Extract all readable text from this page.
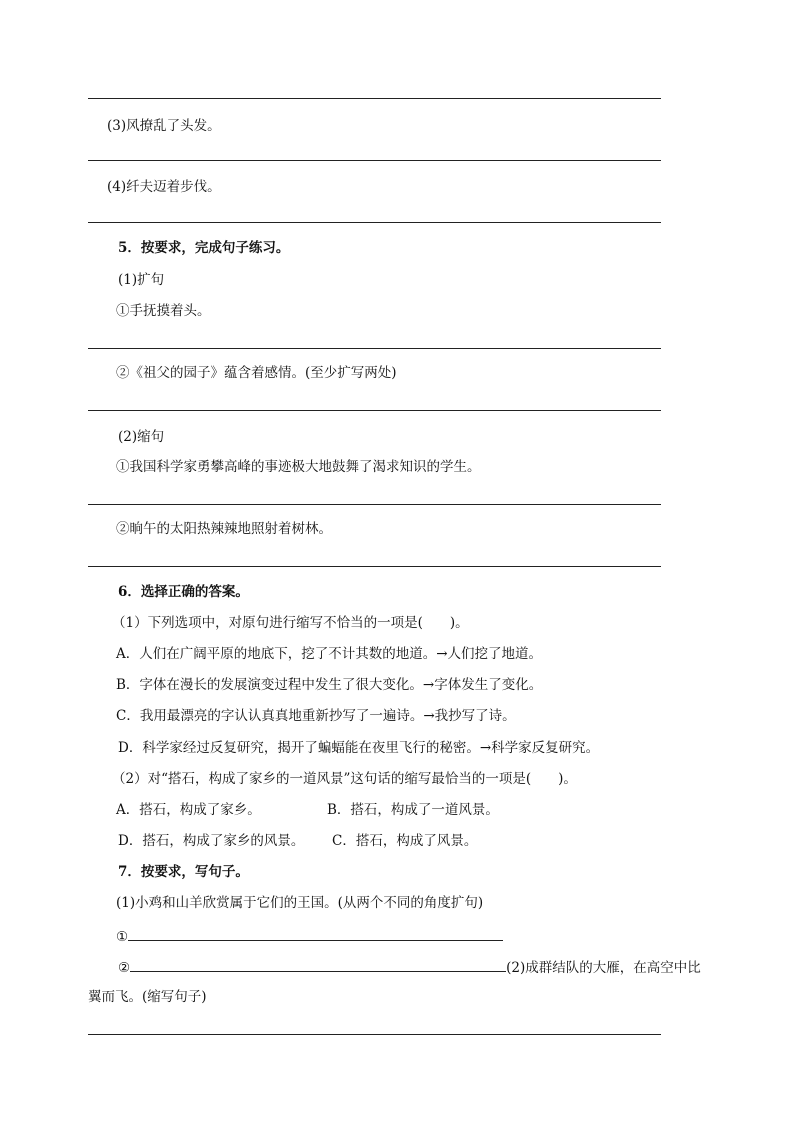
(3)风撩乱了头发。
(4)纤夫迈着步伐。
5．按要求，完成句子练习。
(1)扩句
①手抚摸着头。
②《祖父的园子》蕴含着感情。(至少扩写两处)
(2)缩句
①我国科学家勇攀高峰的事迹极大地鼓舞了渴求知识的学生。
②晌午的太阳热辣辣地照射着树林。
6．选择正确的答案。
（1）下列选项中，对原句进行缩写不恰当的一项是(　　)。
A．人们在广阔平原的地底下，挖了不计其数的地道。→人们挖了地道。
B．字体在漫长的发展演变过程中发生了很大变化。→字体发生了变化。
C．我用最漂亮的字认认真真地重新抄写了一遍诗。→我抄写了诗。
D．科学家经过反复研究，揭开了蝙蝠能在夜里飞行的秘密。→科学家反复研究。
（2）对“搭石，构成了家乡的一道风景”这句话的缩写最恰当的一项是(　　)。
A．搭石，构成了家乡。	B．搭石，构成了一道风景。
D．搭石，构成了家乡的风景。 C．搭石，构成了风景。
7．按要求，写句子。
(1)小鸡和山羊欣赏属于它们的王国。(从两个不同的角度扩句)
①
②	(2)成群结队的大雁，在高空中比
翼而飞。(缩写句子)
